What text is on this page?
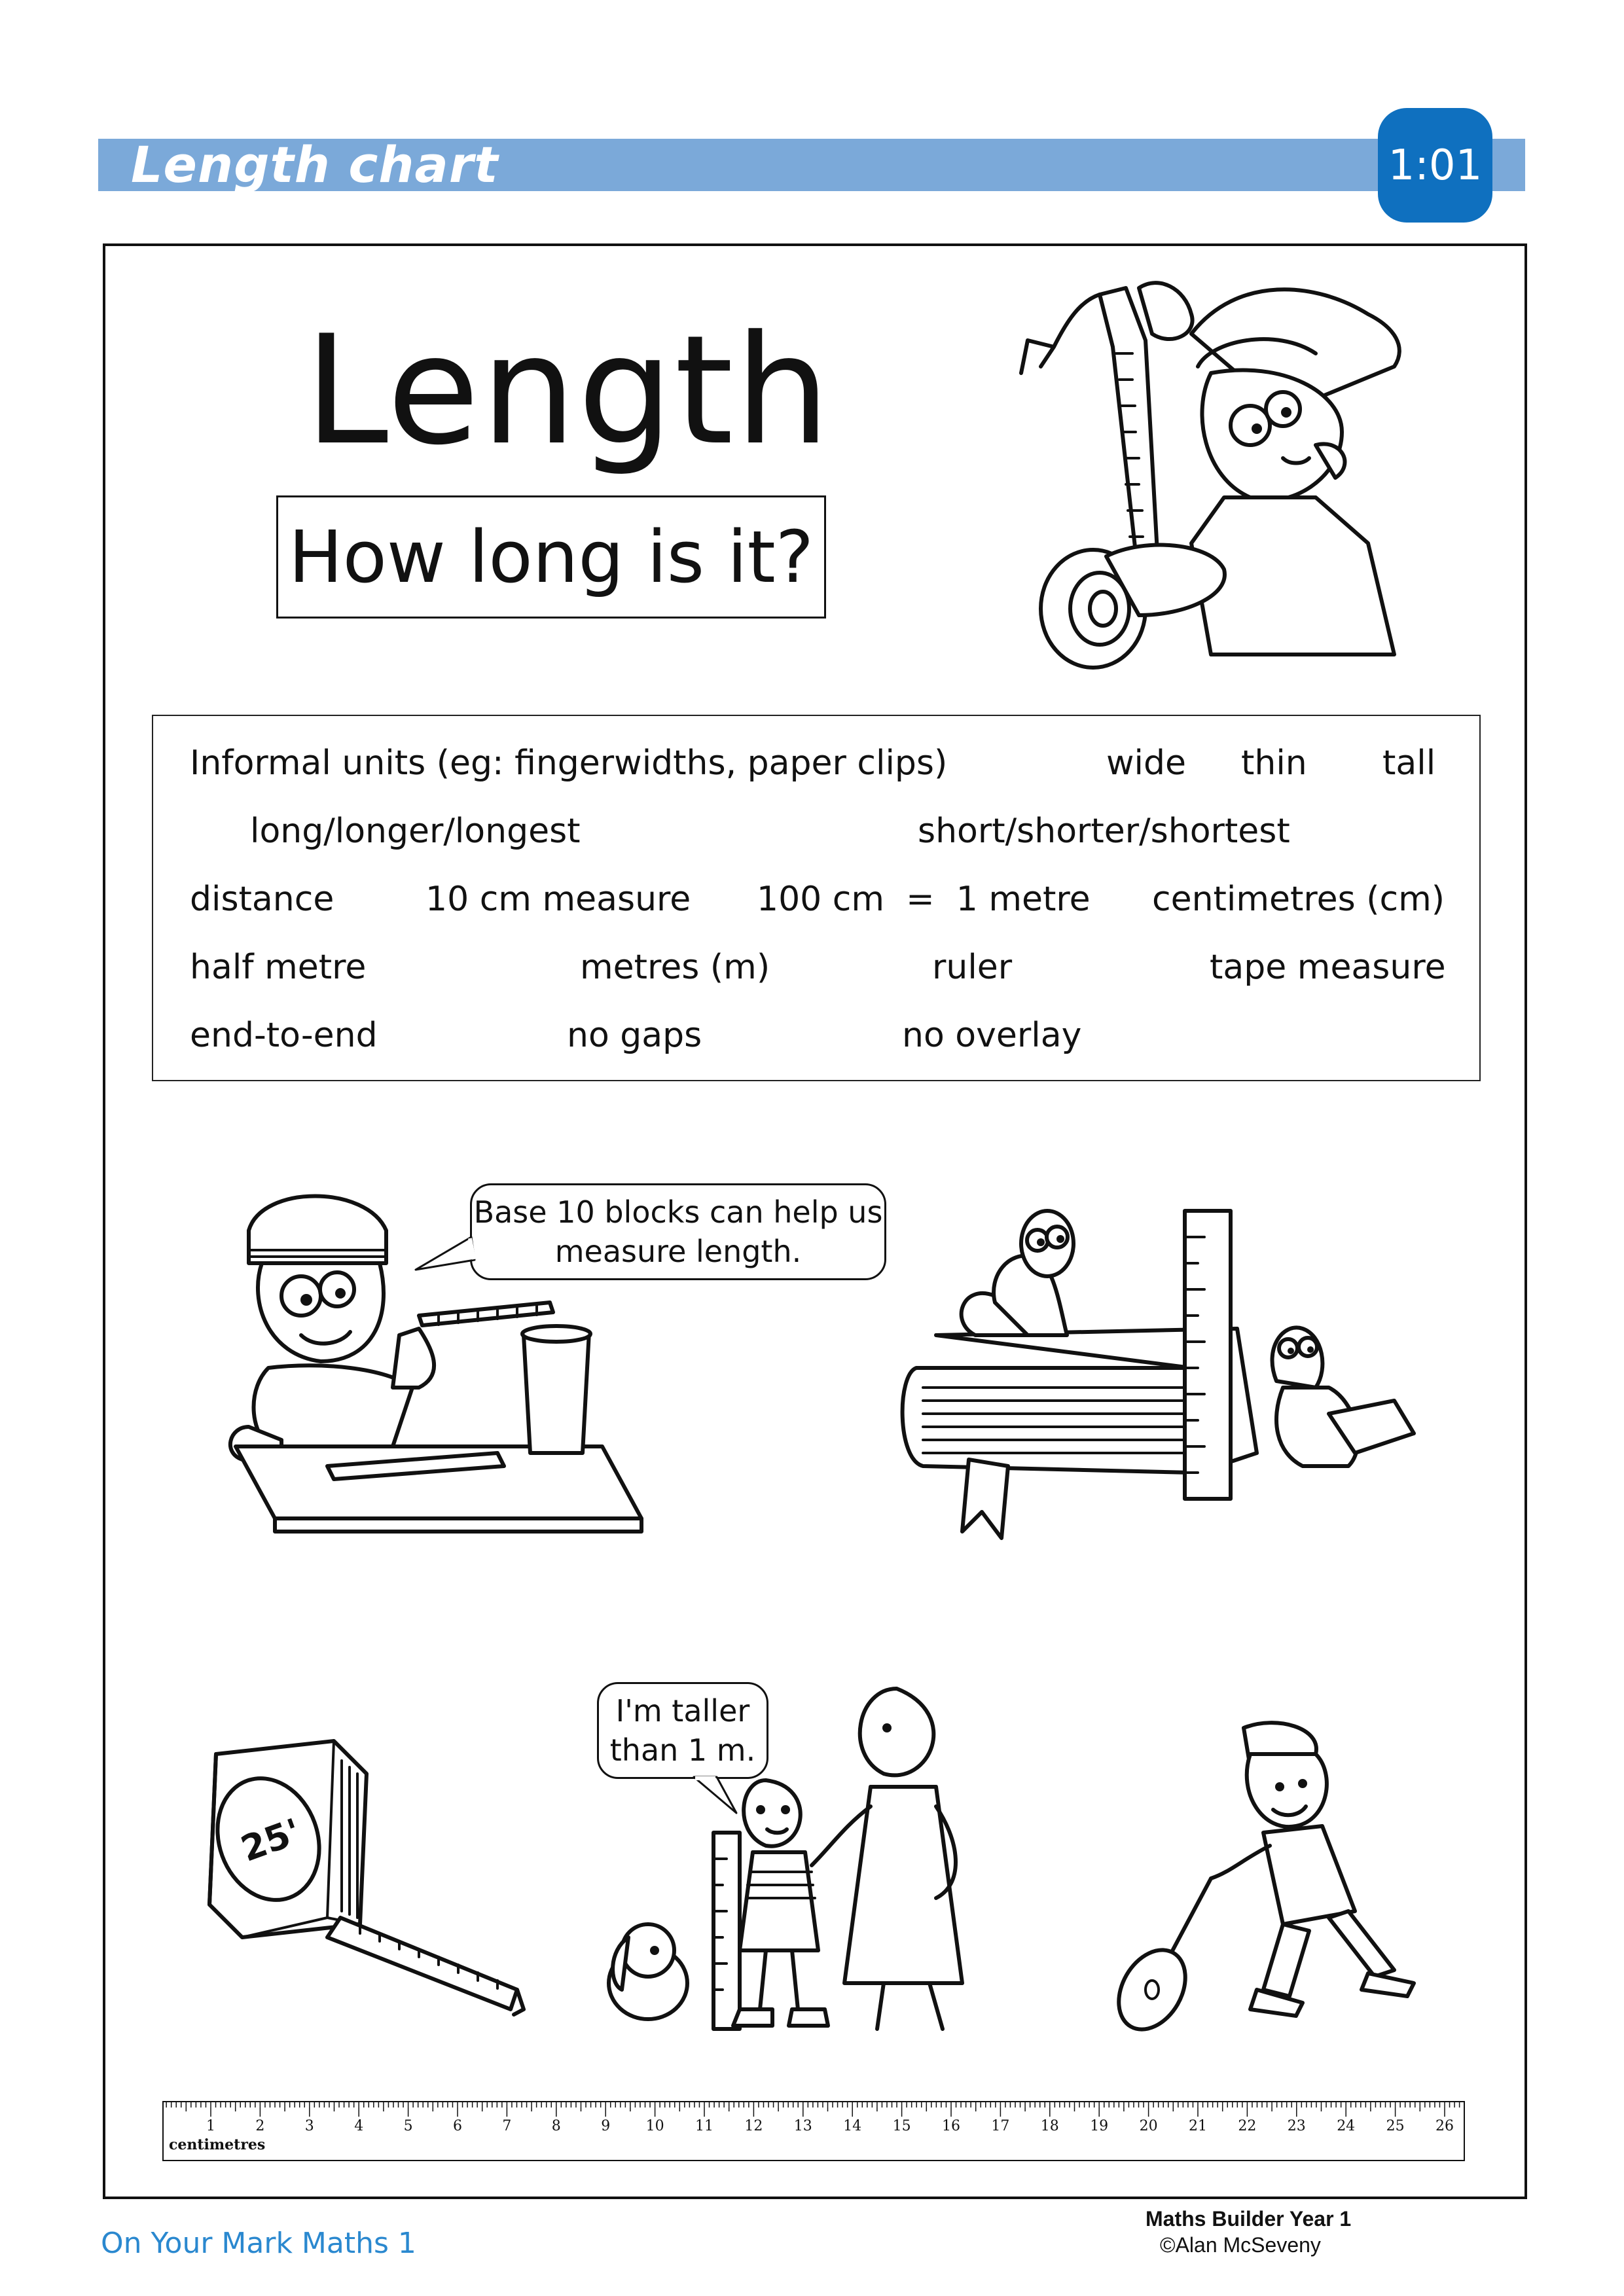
Length chart	1:01
Length
How long is it?
Informal units (eg: fingerwidths, paper clips)	wide thin tall
long/longer/longest	short/shorter/shortest
distance	10 cm measure 100 cm  =  1 metre centimetres (cm)
half metre	metres (m)	ruler	tape measure
end-to-end	no gaps	no overlay
Base 10 blocks can help us
measure length.
25'
I'm taller
than 1 m.
1	2	3	4	5	6	7	8	9 10 11 12 13 14 15 16 17 18 19 20 21 22 23 24 25 26
centimetres
On Your Mark Maths 1
Maths Builder Year 1
©Alan McSeveny
